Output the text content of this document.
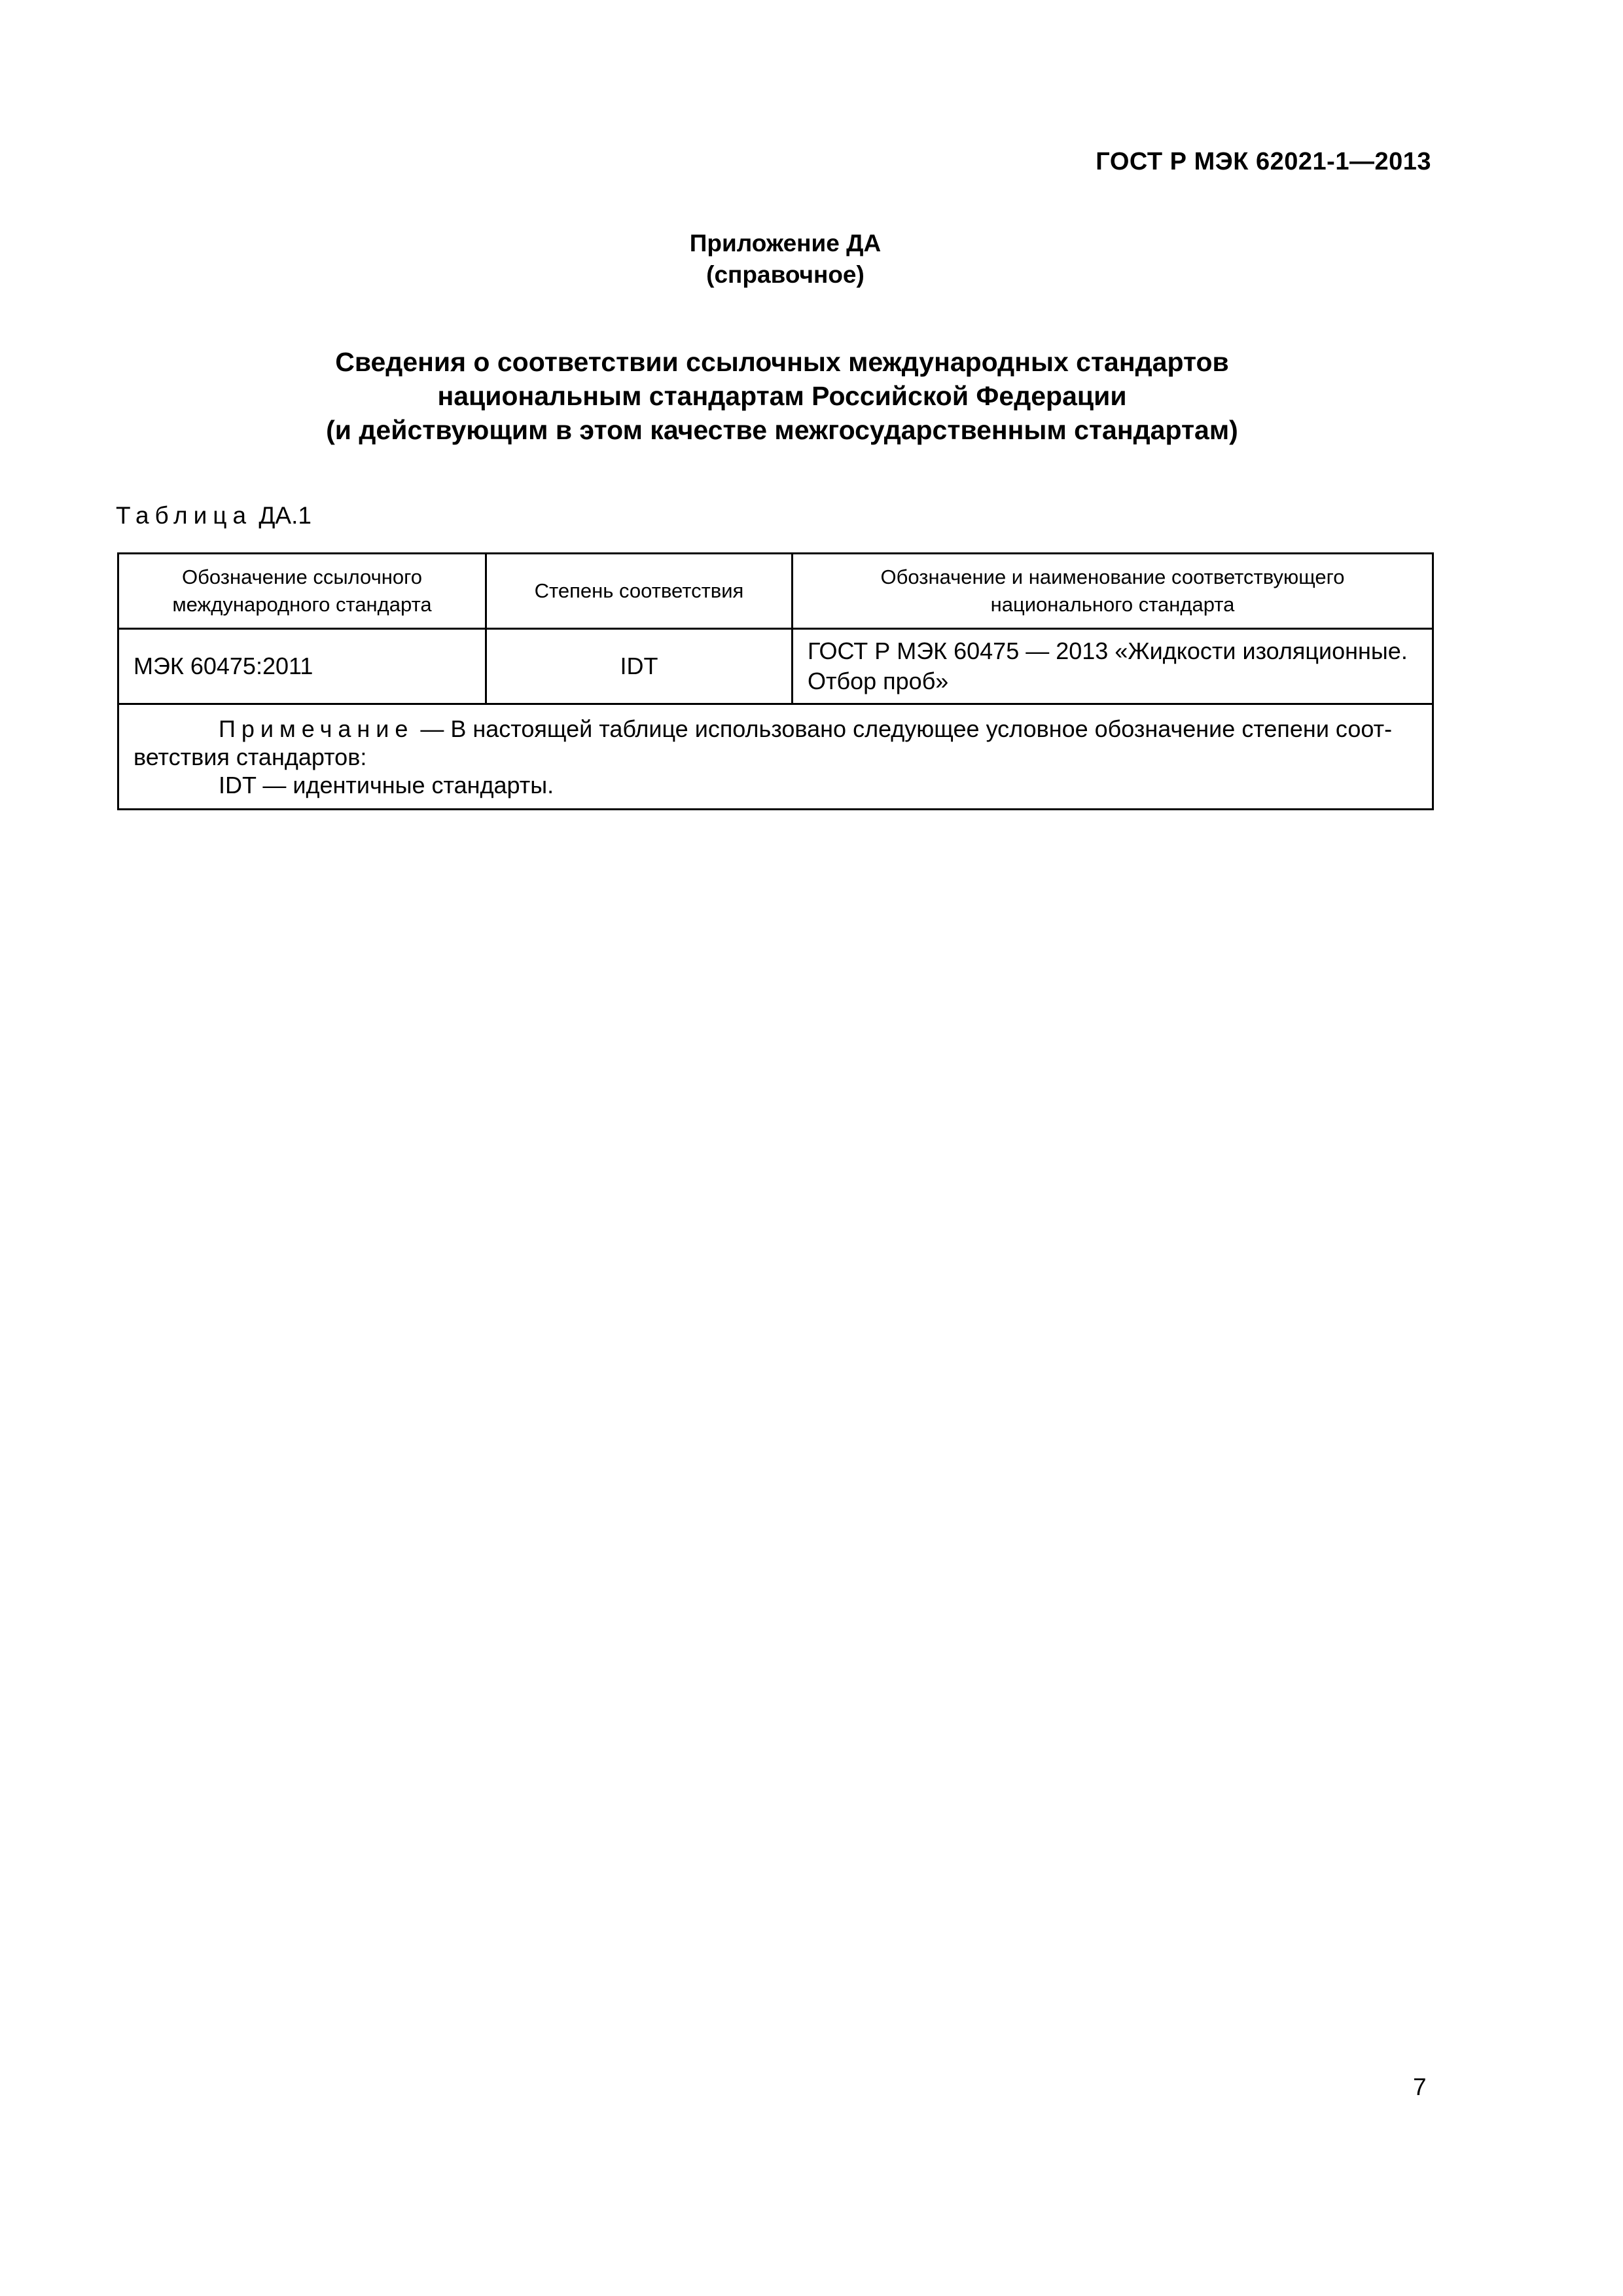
ГОСТ Р МЭК 62021-1—2013
Приложение ДА
(справочное)
Сведения о соответствии ссылочных международных стандартов
национальным стандартам Российской Федерации
(и действующим в этом качестве межгосударственным стандартам)
Таблица ДА.1
Обозначение ссылочного международного стандарта	Степень соответствия	Обозначение и наименование соответствующего национального стандарта
МЭК 60475:2011	IDT	ГОСТ Р МЭК 60475 — 2013 «Жидкости изоляционные. Отбор проб»

Примечание — В настоящей таблице использовано следующее условное обозначение степени соот-
ветствия стандартов:
IDT — идентичные стандарты.		
7
